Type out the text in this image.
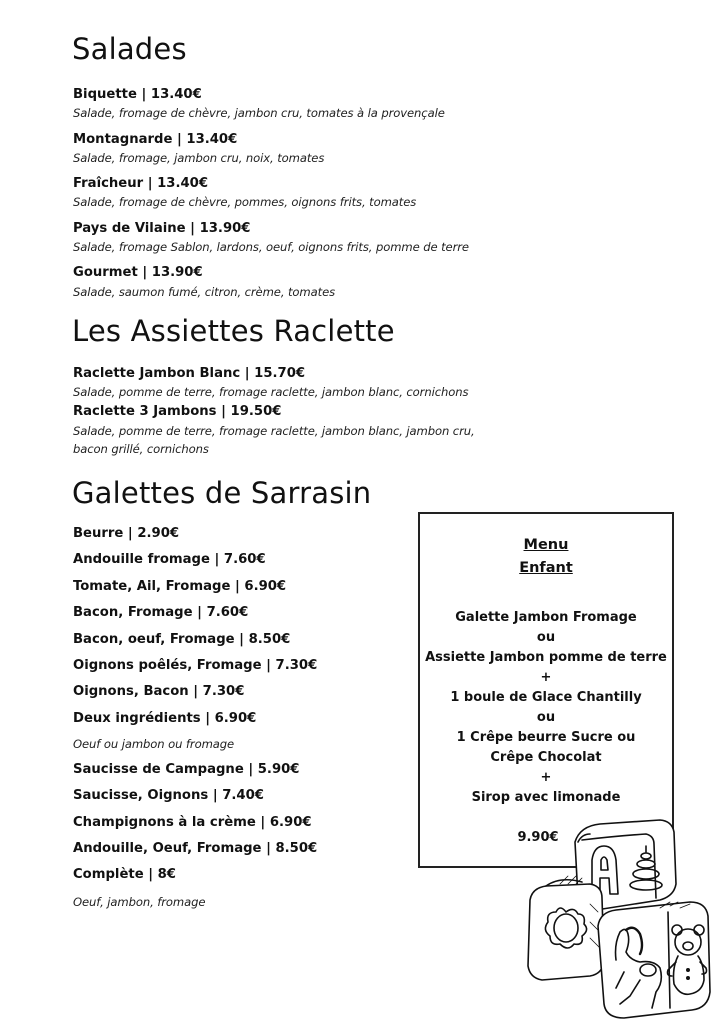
Salades
Biquette | 13.40€
Salade, fromage de chèvre, jambon cru, tomates à la provençale
Montagnarde | 13.40€
Salade, fromage, jambon cru, noix, tomates
Fraîcheur | 13.40€
Salade, fromage de chèvre, pommes, oignons frits, tomates
Pays de Vilaine | 13.90€
Salade, fromage Sablon, lardons, oeuf, oignons frits, pomme de terre
Gourmet | 13.90€
Salade, saumon fumé, citron, crème, tomates
Les Assiettes Raclette
Raclette Jambon Blanc | 15.70€
Salade, pomme de terre, fromage raclette, jambon blanc, cornichons
Raclette 3 Jambons | 19.50€
Salade, pomme de terre, fromage raclette, jambon blanc, jambon cru,
bacon grillé, cornichons
Galettes de Sarrasin
Beurre | 2.90€
Andouille fromage | 7.60€
Tomate, Ail, Fromage | 6.90€
Bacon, Fromage | 7.60€
Bacon, oeuf, Fromage | 8.50€
Oignons poêlés, Fromage | 7.30€
Oignons, Bacon | 7.30€
Deux ingrédients | 6.90€
Oeuf ou jambon ou fromage
Saucisse de Campagne | 5.90€
Saucisse, Oignons | 7.40€
Champignons à la crème | 6.90€
Andouille, Oeuf, Fromage | 8.50€
Complète | 8€
Oeuf, jambon, fromage
Menu
Enfant
Galette Jambon Fromage
ou
Assiette Jambon pomme de terre
+
1 boule de Glace Chantilly
ou
1 Crêpe beurre Sucre ou
Crêpe Chocolat
+
Sirop avec limonade
9.90€
